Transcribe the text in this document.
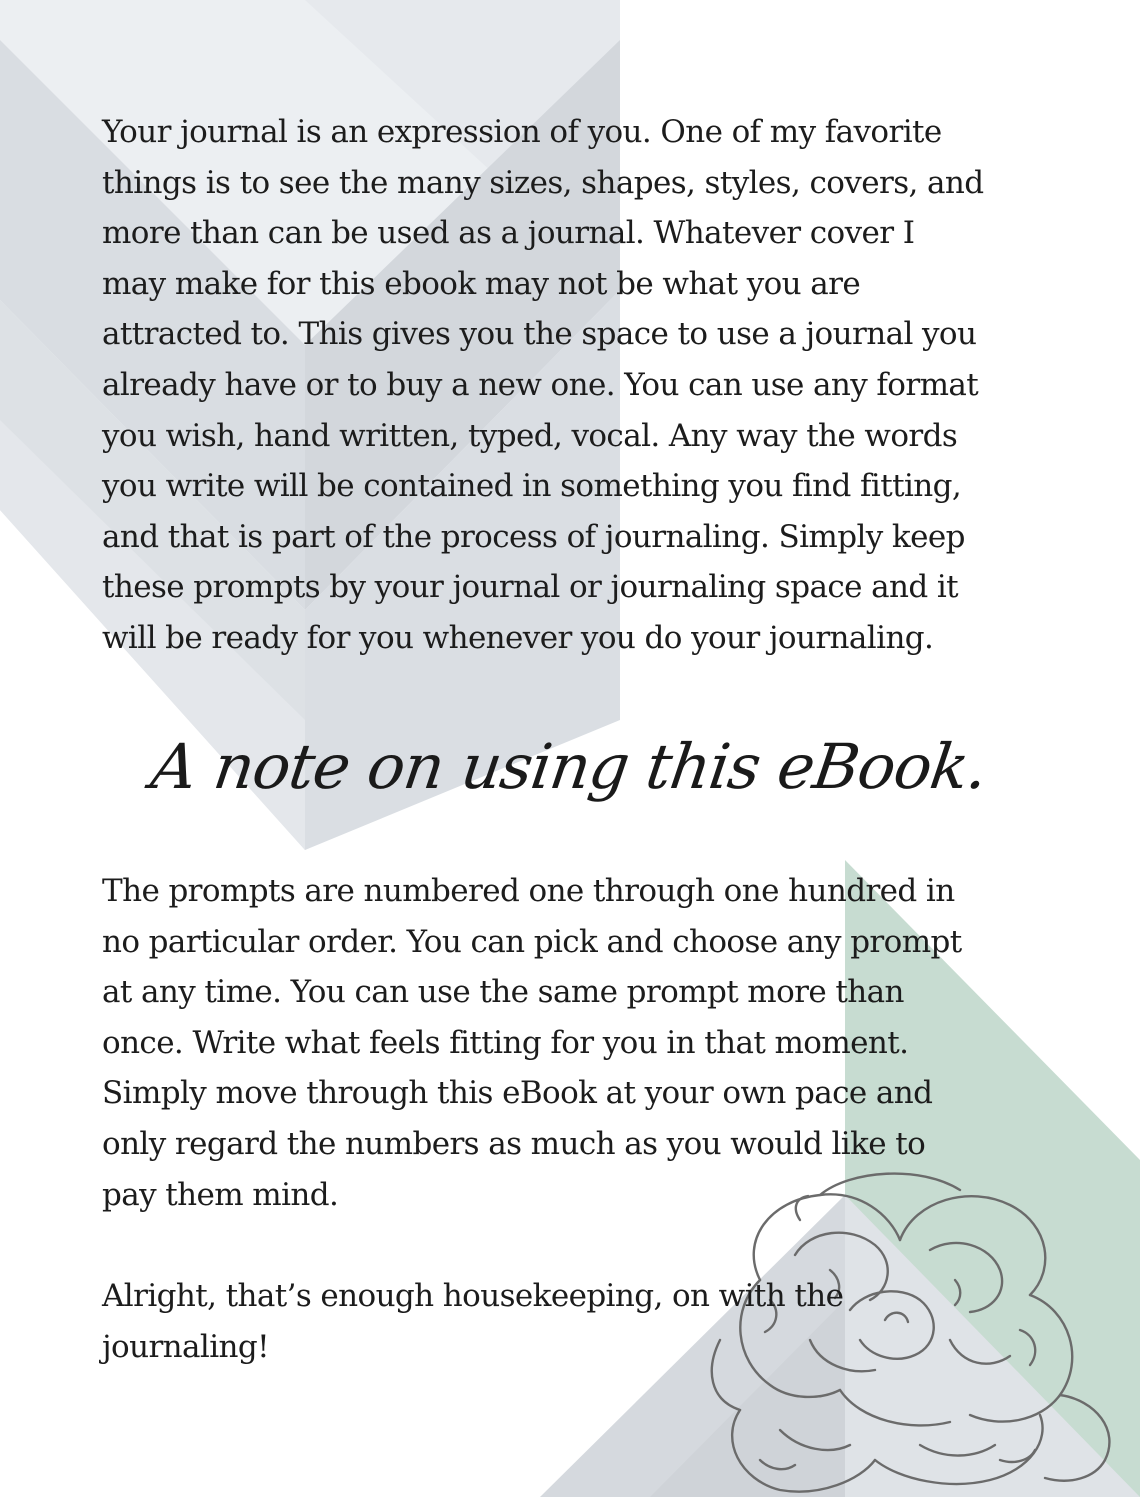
Your journal is an expression of you. One of my favorite
things is to see the many sizes, shapes, styles, covers, and
more than can be used as a journal. Whatever cover I
may make for this ebook may not be what you are
attracted to. This gives you the space to use a journal you
already have or to buy a new one. You can use any format
you wish, hand written, typed, vocal. Any way the words
you write will be contained in something you find fitting,
and that is part of the process of journaling. Simply keep
these prompts by your journal or journaling space and it
will be ready for you whenever you do your journaling.

A note on using this eBook.

The prompts are numbered one through one hundred in
no particular order. You can pick and choose any prompt
at any time. You can use the same prompt more than
once. Write what feels fitting for you in that moment.
Simply move through this eBook at your own pace and
only regard the numbers as much as you would like to
pay them mind.

Alright, that’s enough housekeeping, on with the
journaling!
